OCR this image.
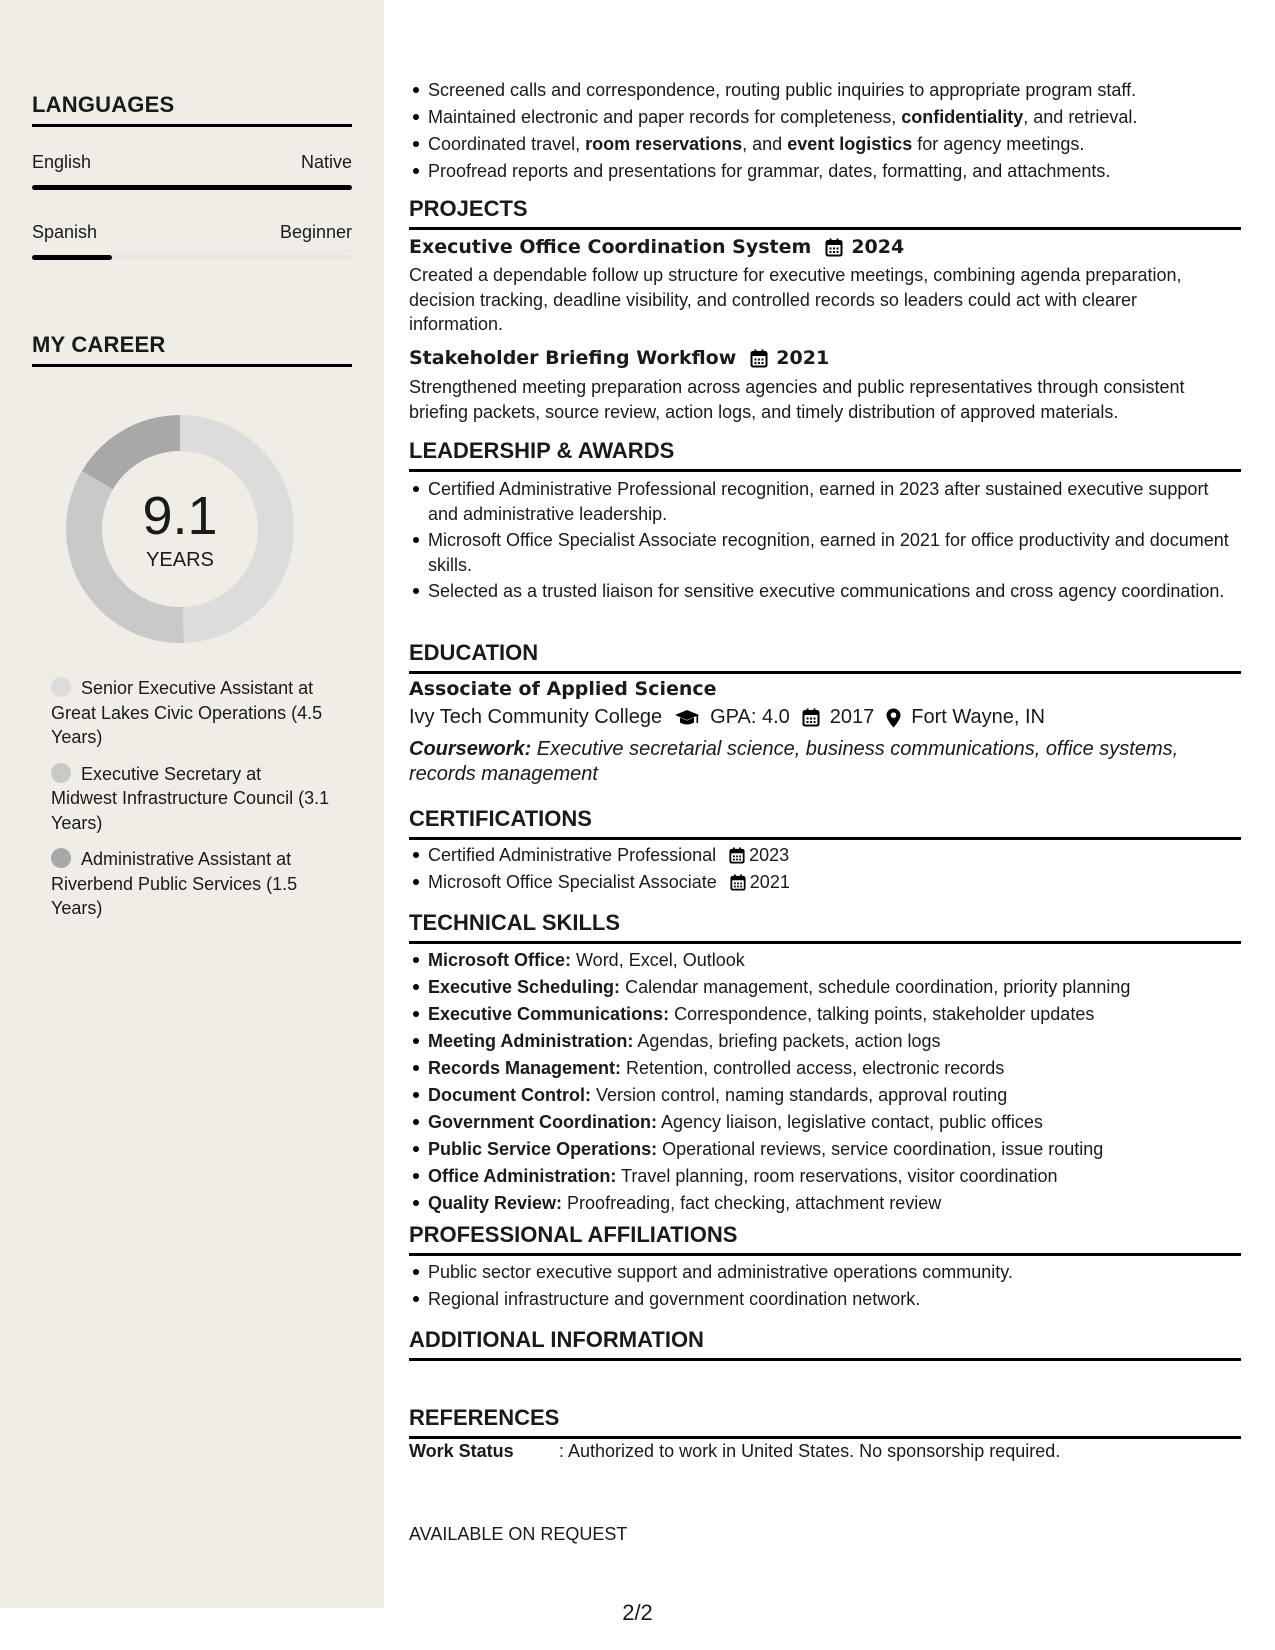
LANGUAGES
English	Native
Spanish	Beginner
MY CAREER
9.1
YEARS
Senior Executive Assistant at Great Lakes Civic Operations (4.5 Years)
Executive Secretary at Midwest Infrastructure Council (3.1 Years)
Administrative Assistant at Riverbend Public Services (1.5 Years)
Screened calls and correspondence, routing public inquiries to appropriate program staff.
Maintained electronic and paper records for completeness, confidentiality, and retrieval.
Coordinated travel, room reservations, and event logistics for agency meetings.
Proofread reports and presentations for grammar, dates, formatting, and attachments.
PROJECTS
Executive Office Coordination System 2024
Created a dependable follow up structure for executive meetings, combining agenda preparation, decision tracking, deadline visibility, and controlled records so leaders could act with clearer information.
Stakeholder Briefing Workflow 2021
Strengthened meeting preparation across agencies and public representatives through consistent briefing packets, source review, action logs, and timely distribution of approved materials.
LEADERSHIP & AWARDS
Certified Administrative Professional recognition, earned in 2023 after sustained executive support and administrative leadership.
Microsoft Office Specialist Associate recognition, earned in 2021 for office productivity and document skills.
Selected as a trusted liaison for sensitive executive communications and cross agency coordination.
EDUCATION
Associate of Applied Science
Ivy Tech Community College GPA: 4.0 2017 Fort Wayne, IN
Coursework: Executive secretarial science, business communications, office systems, records management
CERTIFICATIONS
Certified Administrative Professional 2023
Microsoft Office Specialist Associate 2021
TECHNICAL SKILLS
Microsoft Office: Word, Excel, Outlook
Executive Scheduling: Calendar management, schedule coordination, priority planning
Executive Communications: Correspondence, talking points, stakeholder updates
Meeting Administration: Agendas, briefing packets, action logs
Records Management: Retention, controlled access, electronic records
Document Control: Version control, naming standards, approval routing
Government Coordination: Agency liaison, legislative contact, public offices
Public Service Operations: Operational reviews, service coordination, issue routing
Office Administration: Travel planning, room reservations, visitor coordination
Quality Review: Proofreading, fact checking, attachment review
PROFESSIONAL AFFILIATIONS
Public sector executive support and administrative operations community.
Regional infrastructure and government coordination network.
ADDITIONAL INFORMATION
Work Status	: Authorized to work in United States. No sponsorship required.
REFERENCES
AVAILABLE ON REQUEST
2/2
